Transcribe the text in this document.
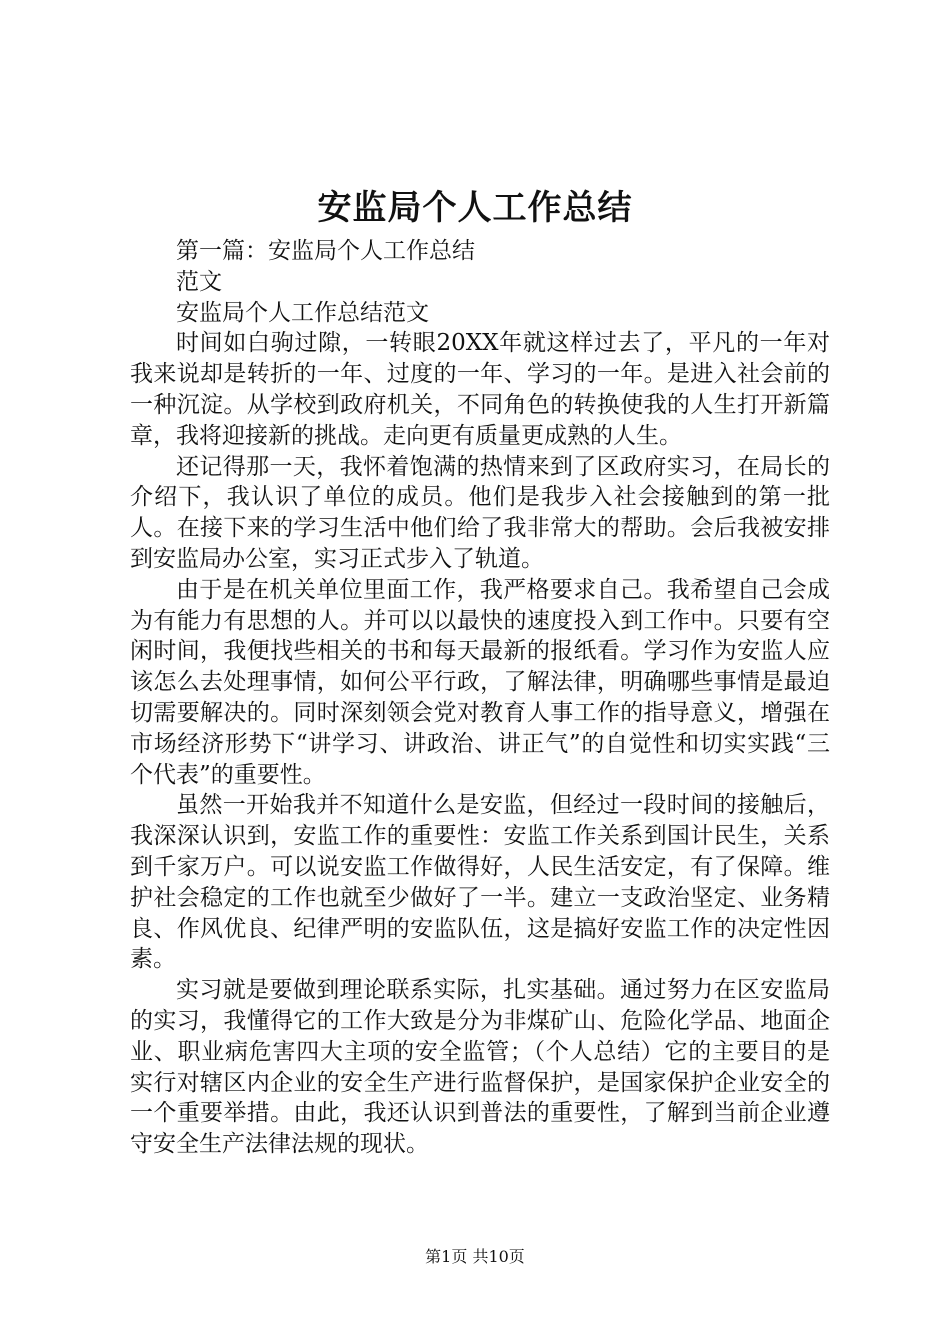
安监局个人工作总结

第一篇：安监局个人工作总结

范文

安监局个人工作总结范文

时间如白驹过隙，一转眼20XX年就这样过去了，平凡的一年对我来说却是转折的一年、过度的一年、学习的一年。是进入社会前的一种沉淀。从学校到政府机关，不同角色的转换使我的人生打开新篇章，我将迎接新的挑战。走向更有质量更成熟的人生。

还记得那一天，我怀着饱满的热情来到了区政府实习，在局长的介绍下，我认识了单位的成员。他们是我步入社会接触到的第一批人。在接下来的学习生活中他们给了我非常大的帮助。会后我被安排到安监局办公室，实习正式步入了轨道。

由于是在机关单位里面工作，我严格要求自己。我希望自己会成为有能力有思想的人。并可以以最快的速度投入到工作中。只要有空闲时间，我便找些相关的书和每天最新的报纸看。学习作为安监人应该怎么去处理事情，如何公平行政，了解法律，明确哪些事情是最迫切需要解决的。同时深刻领会党对教育人事工作的指导意义，增强在市场经济形势下“讲学习、讲政治、讲正气”的自觉性和切实实践“三个代表”的重要性。

虽然一开始我并不知道什么是安监，但经过一段时间的接触后，我深深认识到，安监工作的重要性：安监工作关系到国计民生，关系到千家万户。可以说安监工作做得好，人民生活安定，有了保障。维护社会稳定的工作也就至少做好了一半。建立一支政治坚定、业务精良、作风优良、纪律严明的安监队伍，这是搞好安监工作的决定性因素。

实习就是要做到理论联系实际，扎实基础。通过努力在区安监局的实习，我懂得它的工作大致是分为非煤矿山、危险化学品、地面企业、职业病危害四大主项的安全监管；（个人总结）它的主要目的是实行对辖区内企业的安全生产进行监督保护，是国家保护企业安全的一个重要举措。由此，我还认识到普法的重要性，了解到当前企业遵守安全生产法律法规的现状。

第1页 共10页
